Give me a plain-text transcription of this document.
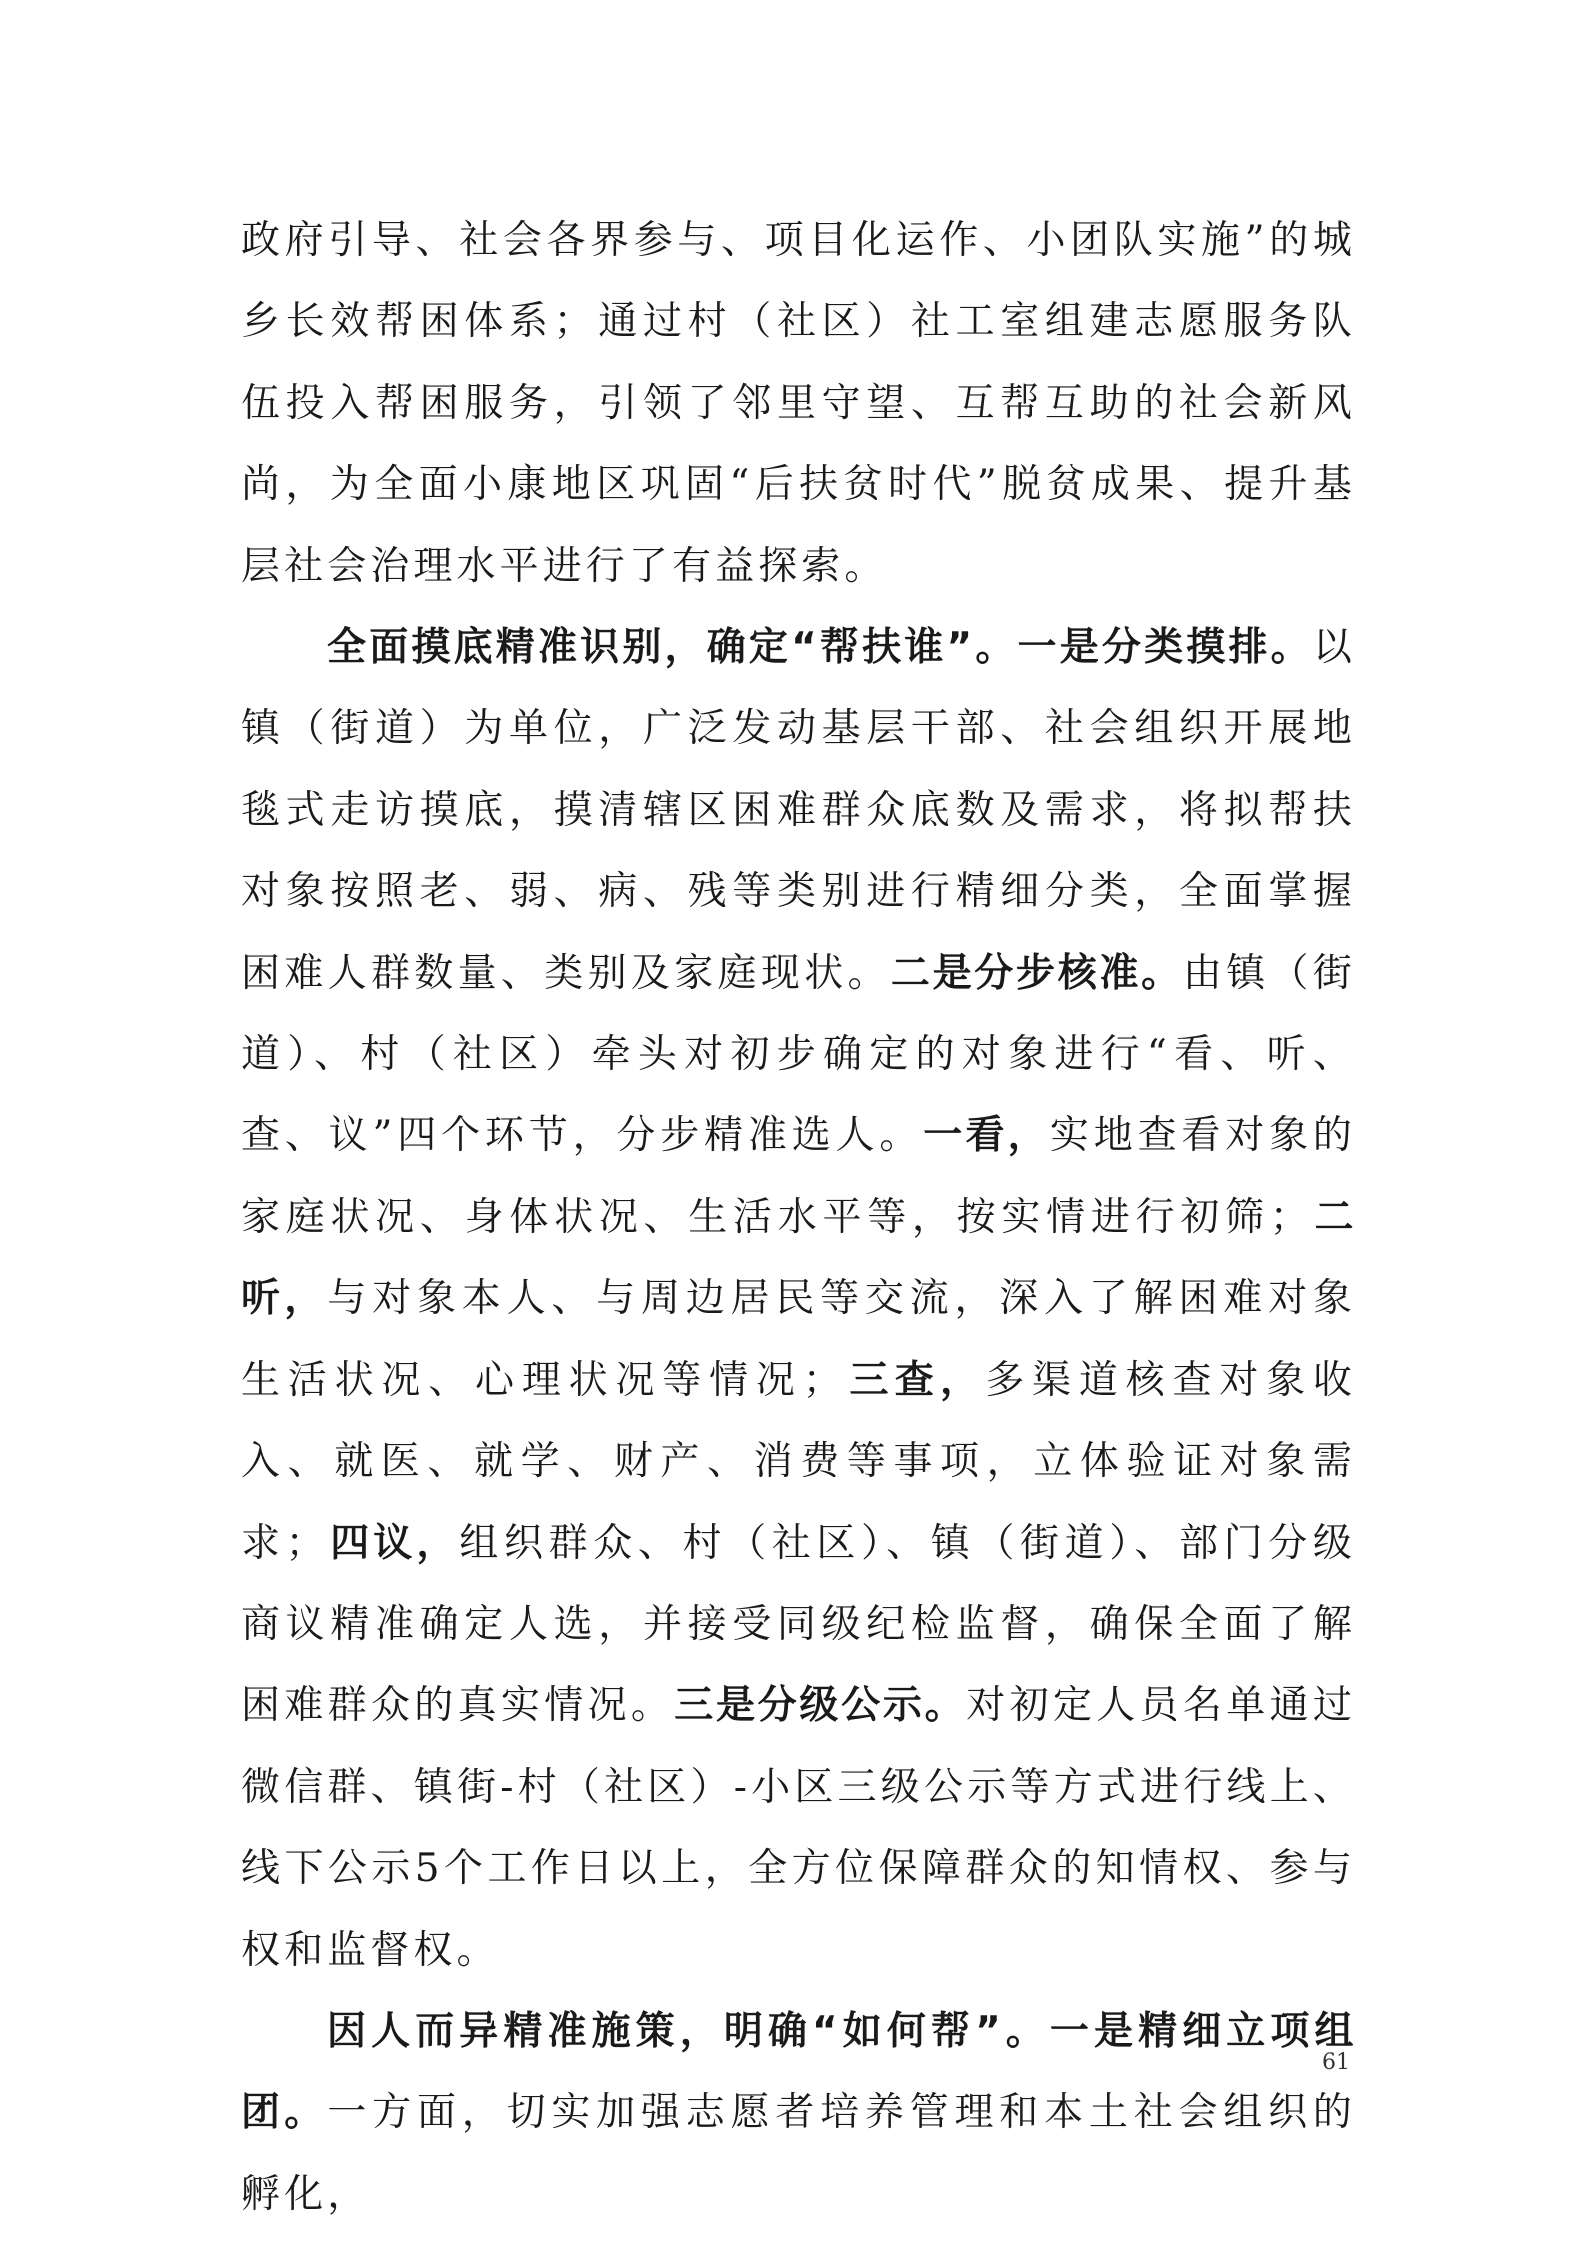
政府引导、社会各界参与、项目化运作、小团队实施”的城乡长效帮困体系；通过村（社区）社工室组建志愿服务队伍投入帮困服务，引领了邻里守望、互帮互助的社会新风尚，为全面小康地区巩固“后扶贫时代”脱贫成果、提升基层社会治理水平进行了有益探索。

全面摸底精准识别，确定“帮扶谁”。一是分类摸排。以镇（街道）为单位，广泛发动基层干部、社会组织开展地毯式走访摸底，摸清辖区困难群众底数及需求，将拟帮扶对象按照老、弱、病、残等类别进行精细分类，全面掌握困难人群数量、类别及家庭现状。二是分步核准。由镇（街道）、村（社区）牵头对初步确定的对象进行“看、听、查、议”四个环节，分步精准选人。一看，实地查看对象的家庭状况、身体状况、生活水平等，按实情进行初筛；二听，与对象本人、与周边居民等交流，深入了解困难对象生活状况、心理状况等情况；三查，多渠道核查对象收入、就医、就学、财产、消费等事项，立体验证对象需求；四议，组织群众、村（社区）、镇（街道）、部门分级商议精准确定人选，并接受同级纪检监督，确保全面了解困难群众的真实情况。三是分级公示。对初定人员名单通过微信群、镇街-村（社区）-小区三级公示等方式进行线上、线下公示5个工作日以上，全方位保障群众的知情权、参与权和监督权。

因人而异精准施策，明确“如何帮”。一是精细立项组团。一方面，切实加强志愿者培养管理和本土社会组织的孵化，

61
